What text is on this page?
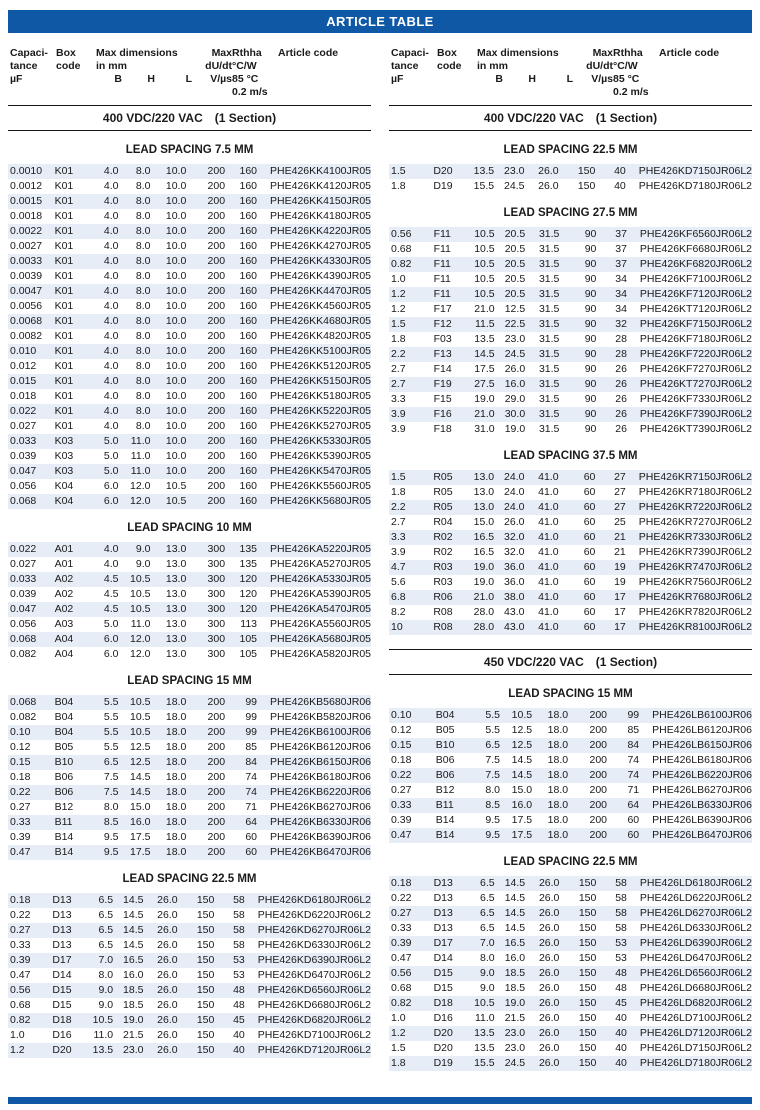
ARTICLE TABLE
Capaci-
tance
µF
Box
code
Max dimensions
in mm
B	H	L
Max
dU/dt
V/µs
Rthha
°C/W
85 °C
0.2 m/s
Article code
400 VDC/220 VAC (1 Section)
LEAD SPACING 7.5 MM
0.0010	K01	4.0	8.0	10.0	200	160	PHE426KK4100JR05
0.0012	K01	4.0	8.0	10.0	200	160	PHE426KK4120JR05
0.0015	K01	4.0	8.0	10.0	200	160	PHE426KK4150JR05
0.0018	K01	4.0	8.0	10.0	200	160	PHE426KK4180JR05
0.0022	K01	4.0	8.0	10.0	200	160	PHE426KK4220JR05
0.0027	K01	4.0	8.0	10.0	200	160	PHE426KK4270JR05
0.0033	K01	4.0	8.0	10.0	200	160	PHE426KK4330JR05
0.0039	K01	4.0	8.0	10.0	200	160	PHE426KK4390JR05
0.0047	K01	4.0	8.0	10.0	200	160	PHE426KK4470JR05
0.0056	K01	4.0	8.0	10.0	200	160	PHE426KK4560JR05
0.0068	K01	4.0	8.0	10.0	200	160	PHE426KK4680JR05
0.0082	K01	4.0	8.0	10.0	200	160	PHE426KK4820JR05
0.010	K01	4.0	8.0	10.0	200	160	PHE426KK5100JR05
0.012	K01	4.0	8.0	10.0	200	160	PHE426KK5120JR05
0.015	K01	4.0	8.0	10.0	200	160	PHE426KK5150JR05
0.018	K01	4.0	8.0	10.0	200	160	PHE426KK5180JR05
0.022	K01	4.0	8.0	10.0	200	160	PHE426KK5220JR05
0.027	K01	4.0	8.0	10.0	200	160	PHE426KK5270JR05
0.033	K03	5.0	11.0	10.0	200	160	PHE426KK5330JR05
0.039	K03	5.0	11.0	10.0	200	160	PHE426KK5390JR05
0.047	K03	5.0	11.0	10.0	200	160	PHE426KK5470JR05
0.056	K04	6.0	12.0	10.5	200	160	PHE426KK5560JR05
0.068	K04	6.0	12.0	10.5	200	160	PHE426KK5680JR05
LEAD SPACING 10 MM
0.022	A01	4.0	9.0	13.0	300	135	PHE426KA5220JR05
0.027	A01	4.0	9.0	13.0	300	135	PHE426KA5270JR05
0.033	A02	4.5	10.5	13.0	300	120	PHE426KA5330JR05
0.039	A02	4.5	10.5	13.0	300	120	PHE426KA5390JR05
0.047	A02	4.5	10.5	13.0	300	120	PHE426KA5470JR05
0.056	A03	5.0	11.0	13.0	300	113	PHE426KA5560JR05
0.068	A04	6.0	12.0	13.0	300	105	PHE426KA5680JR05
0.082	A04	6.0	12.0	13.0	300	105	PHE426KA5820JR05
LEAD SPACING 15 MM
0.068	B04	5.5	10.5	18.0	200	99	PHE426KB5680JR06
0.082	B04	5.5	10.5	18.0	200	99	PHE426KB5820JR06
0.10	B04	5.5	10.5	18.0	200	99	PHE426KB6100JR06
0.12	B05	5.5	12.5	18.0	200	85	PHE426KB6120JR06
0.15	B10	6.5	12.5	18.0	200	84	PHE426KB6150JR06
0.18	B06	7.5	14.5	18.0	200	74	PHE426KB6180JR06
0.22	B06	7.5	14.5	18.0	200	74	PHE426KB6220JR06
0.27	B12	8.0	15.0	18.0	200	71	PHE426KB6270JR06
0.33	B11	8.5	16.0	18.0	200	64	PHE426KB6330JR06
0.39	B14	9.5	17.5	18.0	200	60	PHE426KB6390JR06
0.47	B14	9.5	17.5	18.0	200	60	PHE426KB6470JR06
LEAD SPACING 22.5 MM
0.18	D13	6.5 14.5	26.0	150	58	PHE426KD6180JR06L2
0.22	D13	6.5 14.5	26.0	150	58	PHE426KD6220JR06L2
0.27	D13	6.5 14.5	26.0	150	58	PHE426KD6270JR06L2
0.33	D13	6.5 14.5	26.0	150	58	PHE426KD6330JR06L2
0.39	D17	7.0 16.5	26.0	150	53	PHE426KD6390JR06L2
0.47	D14	8.0 16.0	26.0	150	53	PHE426KD6470JR06L2
0.56	D15	9.0 18.5	26.0	150	48	PHE426KD6560JR06L2
0.68	D15	9.0 18.5	26.0	150	48	PHE426KD6680JR06L2
0.82	D18	10.5 19.0	26.0	150	45	PHE426KD6820JR06L2
1.0	D16	11.0 21.5	26.0	150	40	PHE426KD7100JR06L2
1.2	D20	13.5 23.0	26.0	150	40	PHE426KD7120JR06L2
Capaci-
tance
µF
Box
code
Max dimensions
in mm
B	H	L
Max
dU/dt
V/µs
Rthha
°C/W
85 °C
0.2 m/s
Article code
400 VDC/220 VAC (1 Section)
LEAD SPACING 22.5 MM
1.5	D20	13.5 23.0	26.0	150	40	PHE426KD7150JR06L2
1.8	D19	15.5 24.5	26.0	150	40	PHE426KD7180JR06L2
LEAD SPACING 27.5 MM
0.56	F11	10.5 20.5	31.5	90	37	PHE426KF6560JR06L2
0.68	F11	10.5 20.5	31.5	90	37	PHE426KF6680JR06L2
0.82	F11	10.5 20.5	31.5	90	37	PHE426KF6820JR06L2
1.0	F11	10.5 20.5	31.5	90	34	PHE426KF7100JR06L2
1.2	F11	10.5 20.5	31.5	90	34	PHE426KF7120JR06L2
1.2	F17	21.0 12.5	31.5	90	34	PHE426KT7120JR06L2
1.5	F12	11.5 22.5	31.5	90	32	PHE426KF7150JR06L2
1.8	F03	13.5 23.0	31.5	90	28	PHE426KF7180JR06L2
2.2	F13	14.5 24.5	31.5	90	28	PHE426KF7220JR06L2
2.7	F14	17.5 26.0	31.5	90	26	PHE426KF7270JR06L2
2.7	F19	27.5 16.0	31.5	90	26	PHE426KT7270JR06L2
3.3	F15	19.0 29.0	31.5	90	26	PHE426KF7330JR06L2
3.9	F16	21.0 30.0	31.5	90	26	PHE426KF7390JR06L2
3.9	F18	31.0 19.0	31.5	90	26	PHE426KT7390JR06L2
LEAD SPACING 37.5 MM
1.5	R05	13.0 24.0	41.0	60	27	PHE426KR7150JR06L2
1.8	R05	13.0 24.0	41.0	60	27	PHE426KR7180JR06L2
2.2	R05	13.0 24.0	41.0	60	27	PHE426KR7220JR06L2
2.7	R04	15.0 26.0	41.0	60	25	PHE426KR7270JR06L2
3.3	R02	16.5 32.0	41.0	60	21	PHE426KR7330JR06L2
3.9	R02	16.5 32.0	41.0	60	21	PHE426KR7390JR06L2
4.7	R03	19.0 36.0	41.0	60	19	PHE426KR7470JR06L2
5.6	R03	19.0 36.0	41.0	60	19	PHE426KR7560JR06L2
6.8	R06	21.0 38.0	41.0	60	17	PHE426KR7680JR06L2
8.2	R08	28.0 43.0	41.0	60	17	PHE426KR7820JR06L2
10	R08	28.0 43.0	41.0	60	17	PHE426KR8100JR06L2
450 VDC/220 VAC (1 Section)
LEAD SPACING 15 MM
0.10	B04	5.5	10.5	18.0	200	99	PHE426LB6100JR06
0.12	B05	5.5	12.5	18.0	200	85	PHE426LB6120JR06
0.15	B10	6.5	12.5	18.0	200	84	PHE426LB6150JR06
0.18	B06	7.5	14.5	18.0	200	74	PHE426LB6180JR06
0.22	B06	7.5	14.5	18.0	200	74	PHE426LB6220JR06
0.27	B12	8.0	15.0	18.0	200	71	PHE426LB6270JR06
0.33	B11	8.5	16.0	18.0	200	64	PHE426LB6330JR06
0.39	B14	9.5	17.5	18.0	200	60	PHE426LB6390JR06
0.47	B14	9.5	17.5	18.0	200	60	PHE426LB6470JR06
LEAD SPACING 22.5 MM
0.18	D13	6.5 14.5	26.0	150	58	PHE426LD6180JR06L2
0.22	D13	6.5 14.5	26.0	150	58	PHE426LD6220JR06L2
0.27	D13	6.5 14.5	26.0	150	58	PHE426LD6270JR06L2
0.33	D13	6.5 14.5	26.0	150	58	PHE426LD6330JR06L2
0.39	D17	7.0 16.5	26.0	150	53	PHE426LD6390JR06L2
0.47	D14	8.0 16.0	26.0	150	53	PHE426LD6470JR06L2
0.56	D15	9.0 18.5	26.0	150	48	PHE426LD6560JR06L2
0.68	D15	9.0 18.5	26.0	150	48	PHE426LD6680JR06L2
0.82	D18	10.5 19.0	26.0	150	45	PHE426LD6820JR06L2
1.0	D16	11.0 21.5	26.0	150	40	PHE426LD7100JR06L2
1.2	D20	13.5 23.0	26.0	150	40	PHE426LD7120JR06L2
1.5	D20	13.5 23.0	26.0	150	40	PHE426LD7150JR06L2
1.8	D19	15.5 24.5	26.0	150	40	PHE426LD7180JR06L2
